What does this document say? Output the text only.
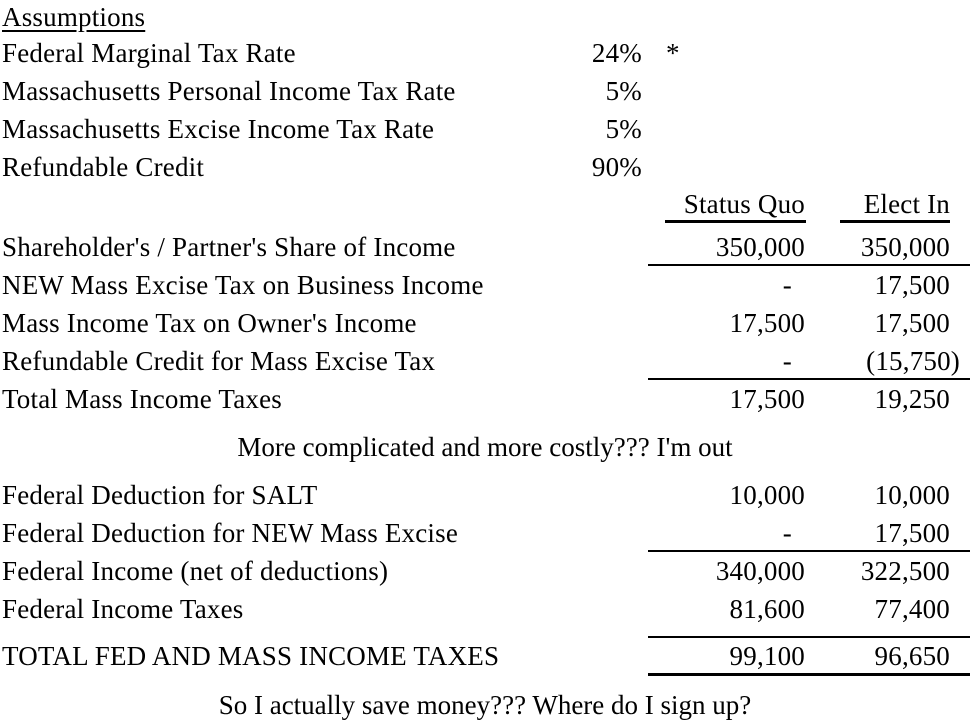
Assumptions
Federal Marginal Tax Rate	24% *
Massachusetts Personal Income Tax Rate	5%
Massachusetts Excise Income Tax Rate	5%
Refundable Credit	90%
Status Quo Elect In
Shareholder's / Partner's Share of Income	350,000 350,000
NEW Mass Excise Tax on Business Income	-	17,500
Mass Income Tax on Owner's Income	17,500	17,500
Refundable Credit for Mass Excise Tax	-	(15,750)
Total Mass Income Taxes	17,500	19,250
More complicated and more costly??? I'm out
Federal Deduction for SALT	10,000	10,000
Federal Deduction for NEW Mass Excise	-	17,500
Federal Income (net of deductions)	340,000 322,500
Federal Income Taxes	81,600	77,400
TOTAL FED AND MASS INCOME TAXES	99,100	96,650
So I actually save money??? Where do I sign up?
